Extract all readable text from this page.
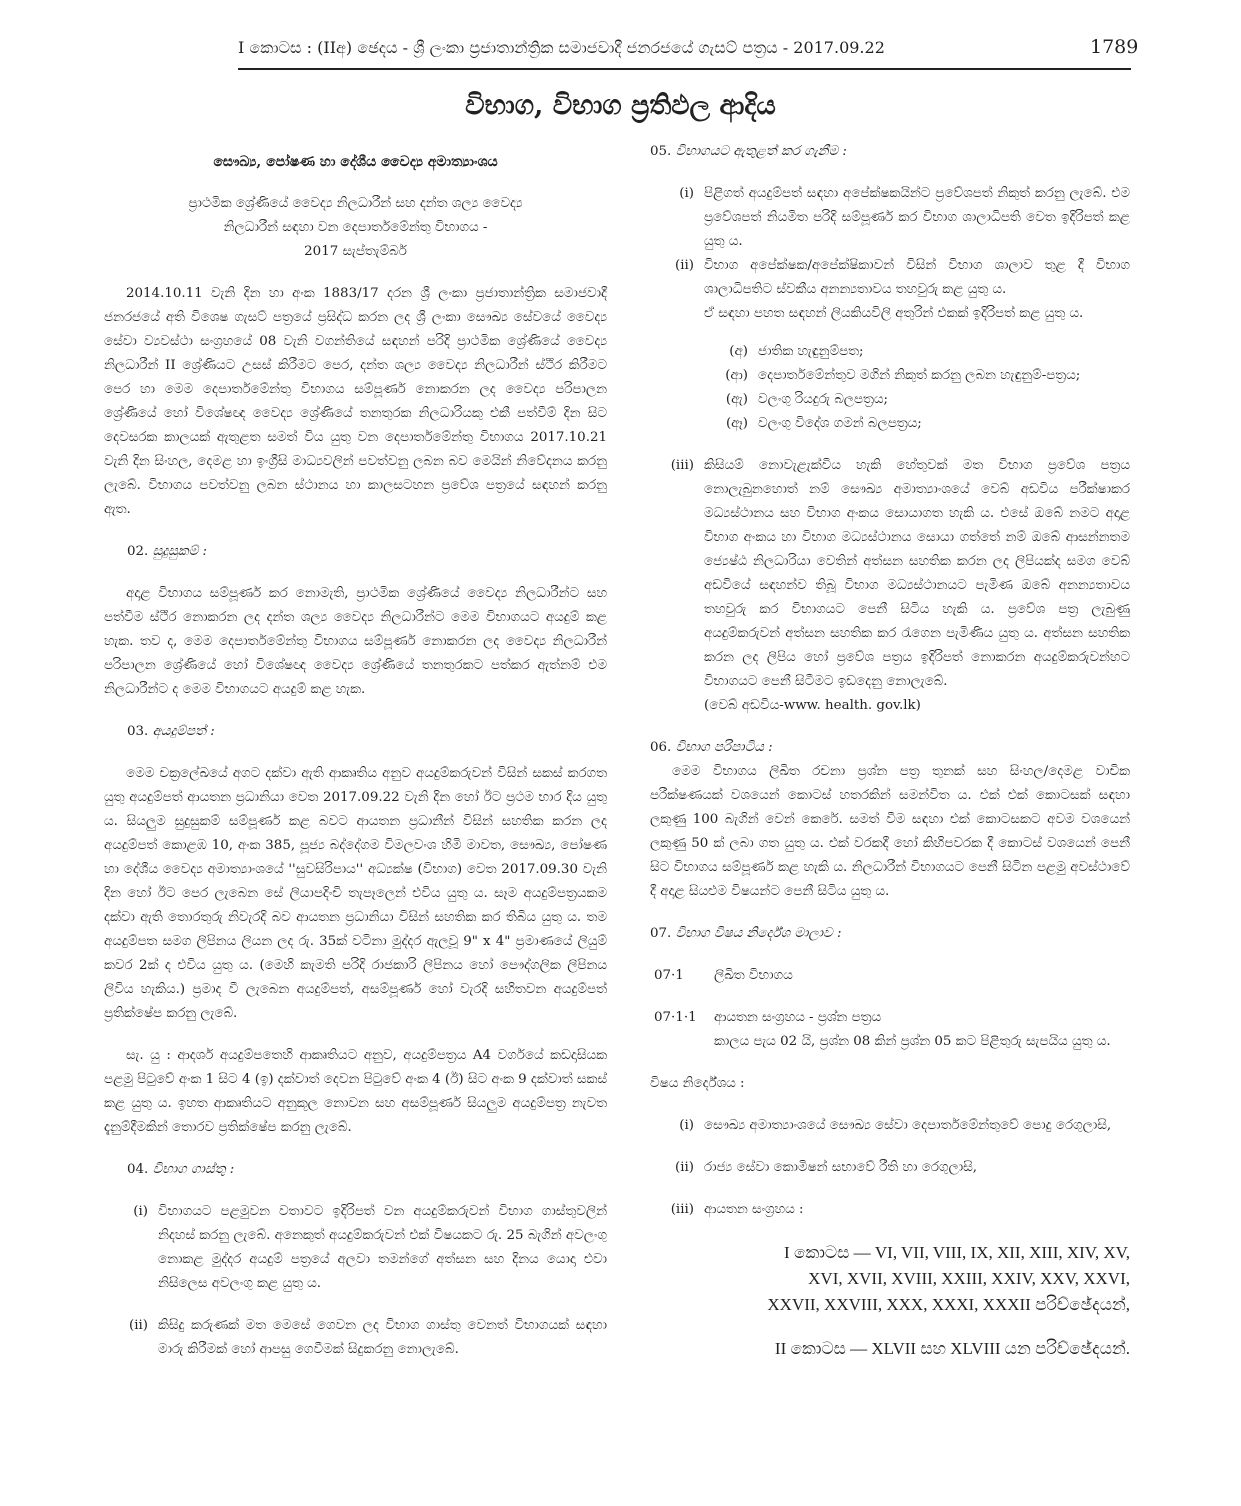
I කොටස : (IIඅ) ඡෙදය - ශ්‍රී ලංකා ප්‍රජාතාන්ත්‍රික සමාජවාදී ජනරජයේ ගැසට් පත්‍රය - 2017.09.22	1789
විභාග, විභාග ප්‍රතිඵල ආදිය

සෞඛ්‍ය, පෝෂණ හා දේශීය වෛද්‍ය අමාත්‍යාංශය

ප්‍රාථමික ශ්‍රේණියේ වෛද්‍ය නිලධාරීන් සහ දන්ත ශල්‍ය වෛද්‍ය

නිලධාරීන් සඳහා වන දෙපාර්තමේන්තු විභාගය -

2017 සැප්තැම්බර්

2014.10.11 වැනි දින හා අංක 1883/17 දරන ශ්‍රී ලංකා ප්‍රජාතාන්ත්‍රික සමාජවාදී ජනරජයේ අති විශෙෂ ගැසට් පත්‍රයේ ප්‍රසිද්ධ කරන ලද ශ්‍රී ලංකා සෞඛ්‍ය සේවයේ වෛද්‍ය සේවා ව්‍යවස්ථා සංග්‍රහයේ 08 වැනි වගන්තියේ සඳහන් පරිදි ප්‍රාථමික ශ්‍රේණියේ වෛද්‍ය නිලධාරීන් II ශ්‍රේණියට උසස් කිරීමට පෙර, දන්ත ශල්‍ය වෛද්‍ය නිලධාරීන් ස්ථිර කිරීමට පෙර හා මෙම දෙපාර්තමේන්තු විභාගය සම්පූර්ණ නොකරන ලද වෛද්‍ය පරිපාලන ශ්‍රේණියේ හෝ විශේෂඥ වෛද්‍ය ශ්‍රේණියේ තනතුරක නිලධාරියකු එකී පත්වීම් දින සිට දෙවසරක කාලයක් ඇතුළත සමත් විය යුතු වන දෙපාර්තමේන්තු විභාගය 2017.10.21 වැනි දින සිංහල, දෙමළ හා ඉංග්‍රීසි මාධ්‍යවලින් පවත්වනු ලබන බව මෙයින් නිවේදනය කරනු ලැබේ. විභාගය පවත්වනු ලබන ස්ථානය හා කාලසටහන ප්‍රවේශ පත්‍රයේ සඳහන් කරනු ඇත.

02. සුදුසුකම් :

අදාළ විභාගය සම්පූර්ණ කර නොමැති, ප්‍රාථමික ශ්‍රේණියේ වෛද්‍ය නිලධාරීන්ට සහ පත්වීම ස්ථිර නොකරන ලද දන්ත ශල්‍ය වෛද්‍ය නිලධාරීන්ට මෙම විභාගයට අයදුම් කළ හැක. තව ද, මෙම දෙපාර්තමේන්තු විභාගය සම්පූර්ණ නොකරන ලද වෛද්‍ය නිලධාරීන් පරිපාලන ශ්‍රේණියේ හෝ විශේෂඥ වෛද්‍ය ශ්‍රේණියේ තනතුරකට පත්කර ඇත්නම් එම නිලධාරීන්ට ද මෙම විභාගයට අයදුම් කළ හැක.

03. අයදුම්පත් :

මෙම චක්‍රලේඛයේ අගට දක්වා ඇති ආකෘතිය අනුව අයදුම්කරුවන් විසින් සකස් කරගත යුතු අයදුම්පත් ආයතන ප්‍රධානියා වෙත 2017.09.22 වැනි දින හෝ ඊට ප්‍රථම භාර දිය යුතු ය. සියලුම සුදුසුකම් සම්පූර්ණ කළ බවට ආයතන ප්‍රධානීන් විසින් සහතික කරන ලද අයදුම්පත් කොළඹ 10, අංක 385, පූජ්‍ය බද්දේගම විමලවංශ හිමි මාවත, සෞඛ්‍ය, පෝෂණ හා දේශීය වෛද්‍ය අමාත්‍යාංශයේ ''සුවසිරිපාය'' අධ්‍යක්ෂ (විභාග) වෙත 2017.09.30 වැනි දින හෝ ඊට පෙර ලැබෙන සේ ලියාපදිංචි තැපෑලෙන් එවිය යුතු ය. සෑම අයදුම්පත්‍රයකම දක්වා ඇති තොරතුරු නිවැරදි බව ආයතන ප්‍රධානියා විසින් සහතික කර තිබිය යුතු ය. තම අයදුම්පත සමග ලිපිනය ලියන ලද රු. 35ක් වටිනා මුද්දර ඇලවූ 9" x 4" ප්‍රමාණයේ ලියුම් කවර 2ක් ද එවිය යුතු ය. (මෙහි කැමති පරිදි රාජකාරි ලිපිනය හෝ පෞද්ගලික ලිපිනය ලිවිය හැකිය.) ප්‍රමාද වී ලැබෙන අයදුම්පත්, අසම්පූර්ණ හෝ වැරදි සහිතවන අයදුම්පත් ප්‍රතික්ෂේප කරනු ලැබේ.

සැ. යු : ආදර්ශ අයදුම්පතෙහි ආකෘතියට අනුව, අයදුම්පත්‍රය A4 වර්ගයේ කඩදාසියක පළමු පිටුවේ අංක 1 සිට 4 (ඉ) දක්වාත් දෙවන පිටුවේ අංක 4 (ඊ) සිට අංක 9 දක්වාත් සකස් කළ යුතු ය. ඉහත ආකෘතියට අනුකූල නොවන සහ අසම්පූර්ණ සියලුම අයදුම්පත්‍ර නැවත දැනුම්දීමකින් තොරව ප්‍රතික්ෂේප කරනු ලැබේ.

04. විභාග ගාස්තු :

(i) විභාගයට පළමුවන වතාවට ඉදිරිපත් වන අයදුම්කරුවන් විභාග ගාස්තුවලින් නිදහස් කරනු ලැබේ. අනෙකුත් අයදුම්කරුවන් එක් විෂයකට රු. 25 බැගින් අවලංගු නොකළ මුද්දර අයදුම් පත්‍රයේ අලවා තමන්ගේ අත්සන සහ දිනය යොදා එවා නිසිලෙස අවලංගු කළ යුතු ය.
(ii) කිසිදු කරුණක් මත මෙසේ ගෙවන ලද විභාග ගාස්තු වෙනත් විභාගයක් සඳහා මාරු කිරීමක් හෝ ආපසු ගෙවීමක් සිදුකරනු නොලැබේ.

05. විභාගයට ඇතුළත් කර ගැනීම :

(i) පිළිගත් අයදුම්පත් සඳහා අපේක්ෂකයින්ට ප්‍රවේශපත් නිකුත් කරනු ලැබේ. එම ප්‍රවේශපත් නියමිත පරිදි සම්පූර්ණ කර විභාග ශාලාධිපති වෙත ඉදිරිපත් කළ යුතු ය.
(ii) විභාග අපේක්ෂක/අපේක්ෂිකාවන් විසින් විභාග ශාලාව තුළ දී විභාග ශාලාධිපතිට ස්වකීය අනන්‍යතාවය තහවුරු කළ යුතු ය.

ඒ සඳහා පහත සඳහන් ලියකියවිලි අතුරින් එකක් ඉදිරිපත් කළ යුතු ය.

(අ) ජාතික හැඳුනුම්පත;
(ආ) දෙපාර්තමේන්තුව මගින් නිකුත් කරනු ලබන හැඳුනුම්-පත්‍රය;
(ඇ) වලංගු රියදුරු බලපත්‍රය;
(ඈ) වලංගු විදේශ ගමන් බලපත්‍රය;
(iii) කිසියම් නොවැළැක්විය හැකි හේතුවක් මත විභාග ප්‍රවේශ පත්‍රය නොලැබුනහොත් නම් සෞඛ්‍ය අමාත්‍යාංශයේ වෙබ් අඩවිය පරීක්ෂාකර මධ්‍යස්ථානය සහ විභාග අංකය සොයාගත හැකි ය. එසේ ඔබේ නමට අදාළ විභාග අංකය හා විභාග මධ්‍යස්ථානය සොයා ගත්තේ නම් ඔබේ ආසන්නතම ජ්‍යෙෂ්ඨ නිලධාරියා වෙතින් අත්සන සහතික කරන ලද ලිපියක්ද සමග වෙබ් අඩවියේ සඳහන්ව තිබූ විභාග මධ්‍යස්ථානයට පැමිණ ඔබේ අනන්‍යතාවය තහවුරු කර විභාගයට පෙනී සිටිය හැකි ය. ප්‍රවේශ පත්‍ර ලැබුණු අයදුම්කරුවන් අත්සන සහතික කර රැගෙන පැමිණිය යුතු ය. අත්සන සහතික කරන ලද ලිපිය හෝ ප්‍රවේශ පත්‍රය ඉදිරිපත් නොකරන අයදුම්කරුවන්හට විභාගයට පෙනී සිටීමට ඉඩදෙනු නොලැබේ.

(වෙබ් අඩවිය-www. health. gov.lk)

06. විභාග පරිපාටිය :

මෙම විභාගය ලිඛිත රචනා ප්‍රශ්න පත්‍ර තුනක් සහ සිංහල/දෙමළ වාචික පරීක්ෂණයක් වශයෙන් කොටස් හතරකින් සමන්විත ය. එක් එක් කොටසක් සඳහා ලකුණු 100 බැගින් වෙන් කෙරේ. සමත් වීම සඳහා එක් කොටසකට අවම වශයෙන් ලකුණු 50 ක් ලබා ගත යුතු ය. එක් වරකදී හෝ කිහිපවරක දී කොටස් වශයෙන් පෙනී සිට විභාගය සම්පූර්ණ කළ හැකි ය. නිලධාරීන් විභාගයට පෙනී සිටින පළමු අවස්ථාවේ දී අදාළ සියළුම විෂයන්ට පෙනී සිටිය යුතු ය.

07. විභාග විෂය නිර්දේශ මාලාව :

07·1	ලිඛිත විභාගය
07·1·1	ආයතන සංග්‍රහය - ප්‍රශ්න පත්‍රය

කාලය පැය 02 යි, ප්‍රශ්න 08 කින් ප්‍රශ්න 05 කට පිළිතුරු සැපයිය යුතු ය.

විෂය නිර්දේශය :

(i) සෞඛ්‍ය අමාත්‍යාංශයේ සෞඛ්‍ය සේවා දෙපාර්තමේන්තුවේ පොදු රෙගුලාසි,
(ii) රාජ්‍ය සේවා කොමිෂන් සභාවේ රීති හා රෙගුලාසි,
(iii) ආයතන සංග්‍රහය :

I කොටස — VI, VII, VIII, IX, XII, XIII, XIV, XV, XVI, XVII, XVIII, XXIII, XXIV, XXV, XXVI, XXVII, XXVIII, XXX, XXXI, XXXII පරිච්ඡේදයන්,

II කොටස — XLVII සහ XLVIII යන පරිච්ඡේදයන්.
